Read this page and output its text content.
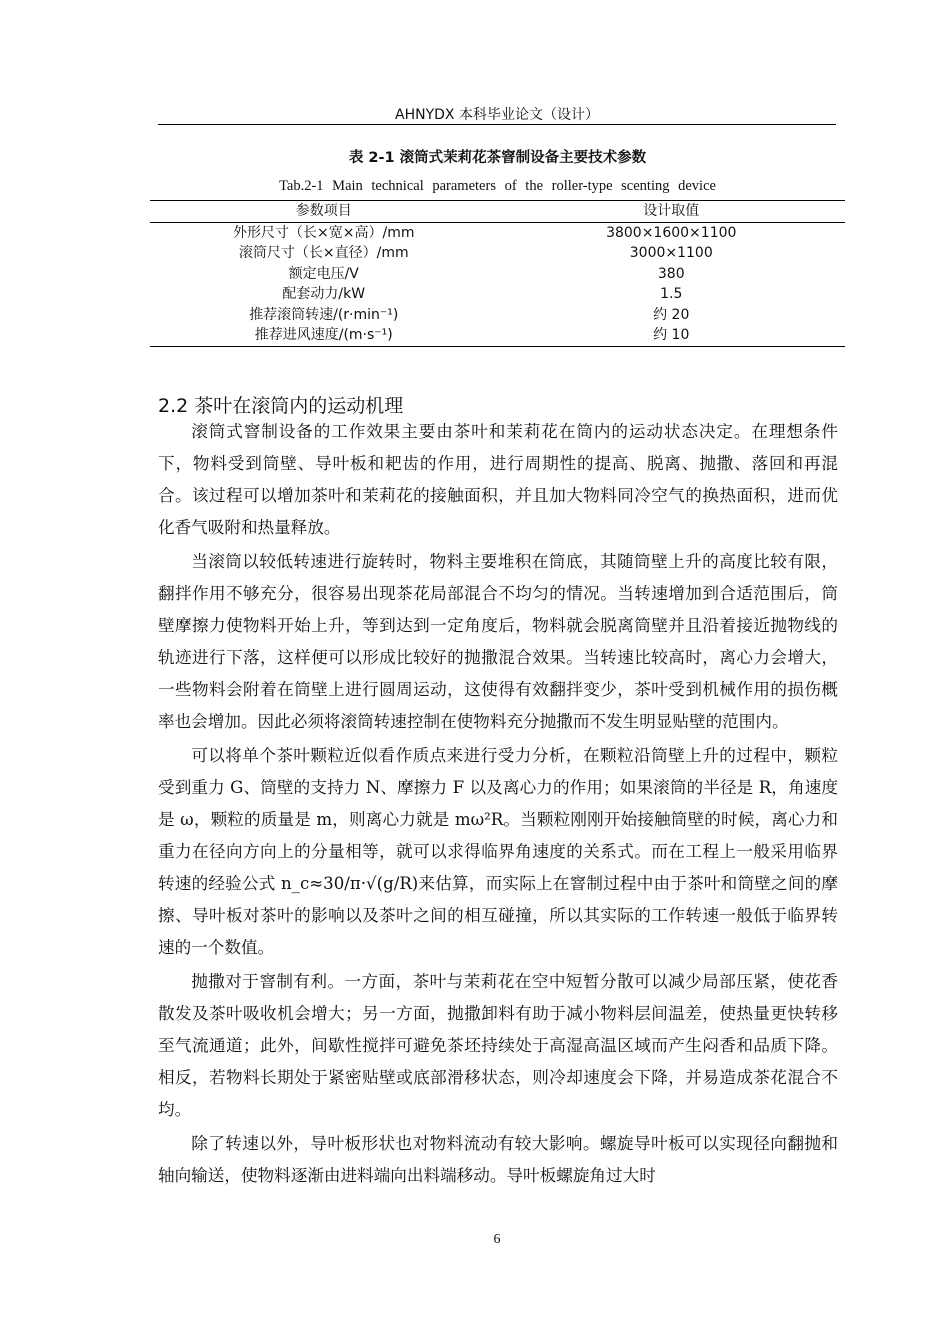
AHNYDX 本科毕业论文（设计）
表 2-1 滚筒式茉莉花茶窨制设备主要技术参数
Tab.2-1 Main technical parameters of the roller-type scenting device
参数项目	设计取值
外形尺寸（长×宽×高）/mm	3800×1600×1100
滚筒尺寸（长×直径）/mm	3000×1100
额定电压/V	380
配套动力/kW	1.5
推荐滚筒转速/(r·min⁻¹)	约 20
推荐进风速度/(m·s⁻¹)	约 10
2.2 茶叶在滚筒内的运动机理

滚筒式窨制设备的工作效果主要由茶叶和茉莉花在筒内的运动状态决定。在理想条件下，物料受到筒壁、导叶板和耙齿的作用，进行周期性的提高、脱离、抛撒、落回和再混合。该过程可以增加茶叶和茉莉花的接触面积，并且加大物料同冷空气的换热面积，进而优化香气吸附和热量释放。

当滚筒以较低转速进行旋转时，物料主要堆积在筒底，其随筒壁上升的高度比较有限，翻拌作用不够充分，很容易出现茶花局部混合不均匀的情况。当转速增加到合适范围后，筒壁摩擦力使物料开始上升，等到达到一定角度后，物料就会脱离筒壁并且沿着接近抛物线的轨迹进行下落，这样便可以形成比较好的抛撒混合效果。当转速比较高时，离心力会增大，一些物料会附着在筒壁上进行圆周运动，这使得有效翻拌变少，茶叶受到机械作用的损伤概率也会增加。因此必须将滚筒转速控制在使物料充分抛撒而不发生明显贴壁的范围内。

可以将单个茶叶颗粒近似看作质点来进行受力分析，在颗粒沿筒壁上升的过程中，颗粒受到重力 G、筒壁的支持力 N、摩擦力 F 以及离心力的作用；如果滚筒的半径是 R，角速度是 ω，颗粒的质量是 m，则离心力就是 mω²R。当颗粒刚刚开始接触筒壁的时候，离心力和重力在径向方向上的分量相等，就可以求得临界角速度的关系式。而在工程上一般采用临界转速的经验公式 n_c≈30/π·√(g/R)来估算，而实际上在窨制过程中由于茶叶和筒壁之间的摩擦、导叶板对茶叶的影响以及茶叶之间的相互碰撞，所以其实际的工作转速一般低于临界转速的一个数值。

抛撒对于窨制有利。一方面，茶叶与茉莉花在空中短暂分散可以减少局部压紧，使花香散发及茶叶吸收机会增大；另一方面，抛撒卸料有助于减小物料层间温差，使热量更快转移至气流通道；此外，间歇性搅拌可避免茶坯持续处于高湿高温区域而产生闷香和品质下降。相反，若物料长期处于紧密贴壁或底部滑移状态，则冷却速度会下降，并易造成茶花混合不均。

除了转速以外，导叶板形状也对物料流动有较大影响。螺旋导叶板可以实现径向翻抛和轴向输送，使物料逐渐由进料端向出料端移动。导叶板螺旋角过大时

6
